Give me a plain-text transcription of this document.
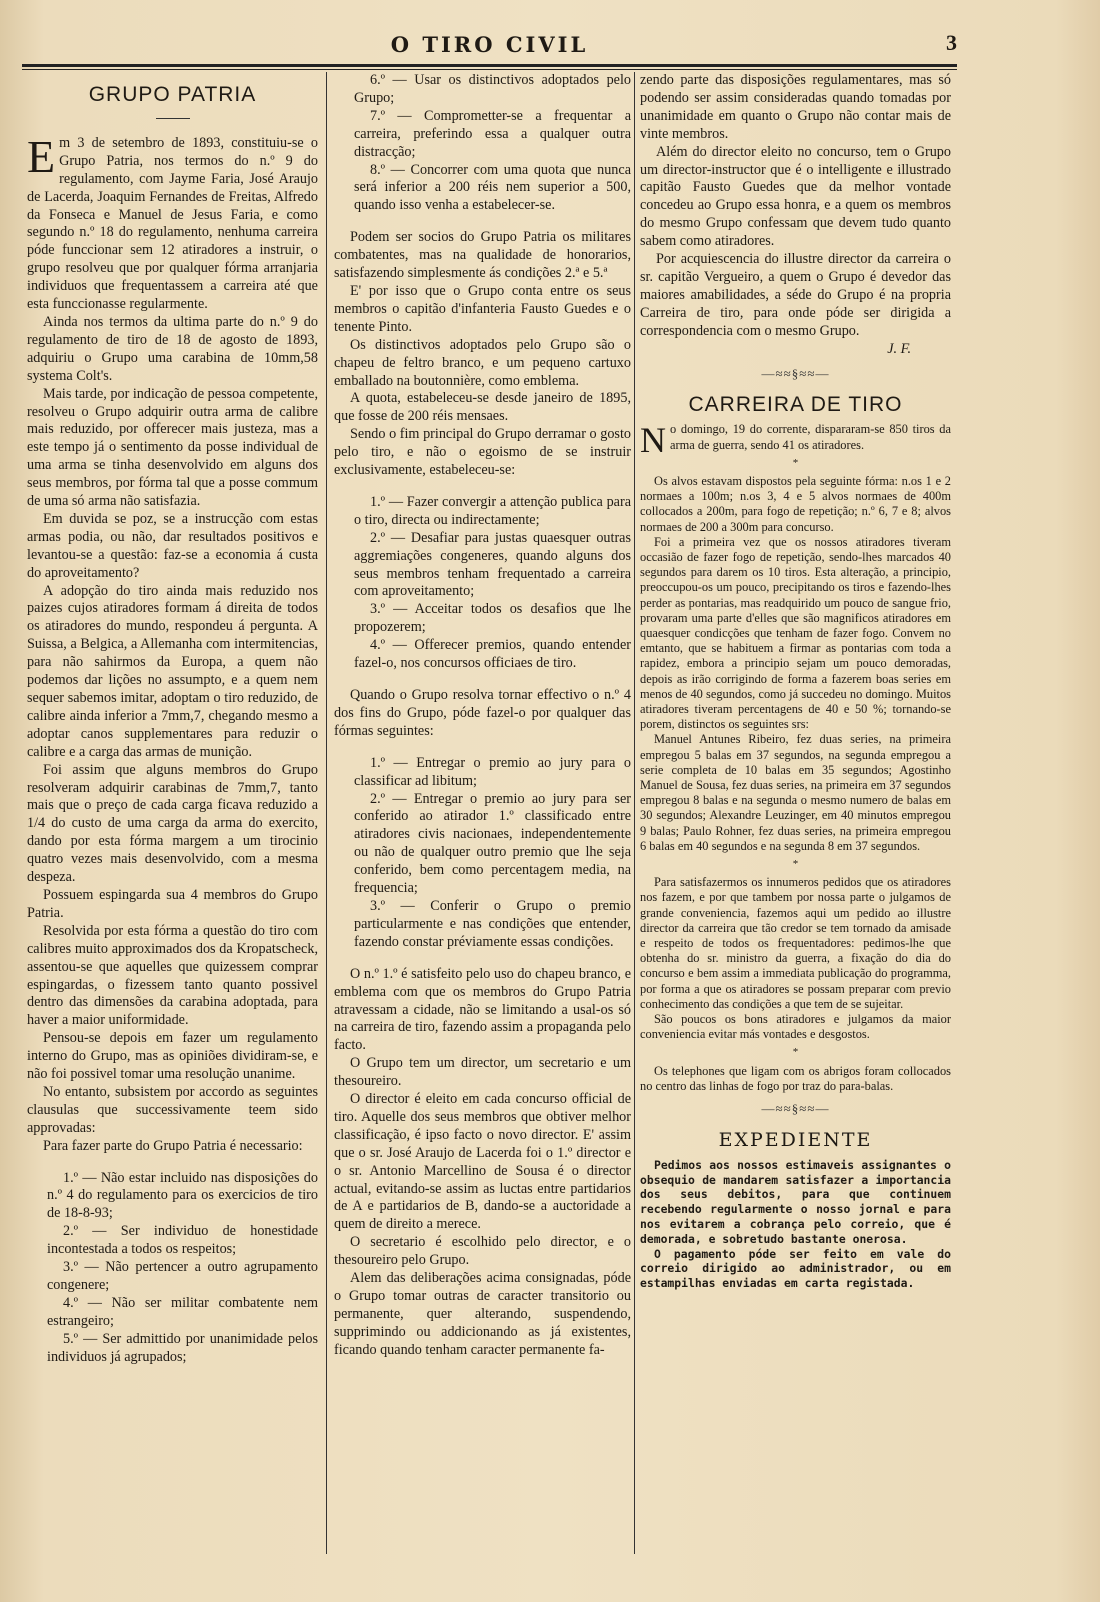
O TIRO CIVIL	3
GRUPO PATRIA

Em 3 de setembro de 1893, constituiu-se o Grupo Patria, nos termos do n.º 9 do regulamento, com Jayme Faria, José Araujo de Lacerda, Joaquim Fernandes de Freitas, Alfredo da Fonseca e Manuel de Jesus Faria, e como segundo n.º 18 do regulamento, nenhuma carreira póde funccionar sem 12 atiradores a instruir, o grupo resolveu que por qualquer fórma arranjaria individuos que frequentassem a carreira até que esta funccionasse regularmente.

Ainda nos termos da ultima parte do n.º 9 do regulamento de tiro de 18 de agosto de 1893, adquiriu o Grupo uma carabina de 10mm,58 systema Colt's.

Mais tarde, por indicação de pessoa competente, resolveu o Grupo adquirir outra arma de calibre mais reduzido, por offerecer mais justeza, mas a este tempo já o sentimento da posse individual de uma arma se tinha desenvolvido em alguns dos seus membros, por fórma tal que a posse commum de uma só arma não satisfazia.

Em duvida se poz, se a instrucção com estas armas podia, ou não, dar resultados positivos e levantou-se a questão: faz-se a economia á custa do aproveitamento?

A adopção do tiro ainda mais reduzido nos paizes cujos atiradores formam á direita de todos os atiradores do mundo, respondeu á pergunta. A Suissa, a Belgica, a Allemanha com intermitencias, para não sahirmos da Europa, a quem não podemos dar lições no assumpto, e a quem nem sequer sabemos imitar, adoptam o tiro reduzido, de calibre ainda inferior a 7mm,7, chegando mesmo a adoptar canos supplementares para reduzir o calibre e a carga das armas de munição.

Foi assim que alguns membros do Grupo resolveram adquirir carabinas de 7mm,7, tanto mais que o preço de cada carga ficava reduzido a 1/4 do custo de uma carga da arma do exercito, dando por esta fórma margem a um tirocinio quatro vezes mais desenvolvido, com a mesma despeza.

Possuem espingarda sua 4 membros do Grupo Patria.

Resolvida por esta fórma a questão do tiro com calibres muito approximados dos da Kropatscheck, assentou-se que aquelles que quizessem comprar espingardas, o fizessem tanto quanto possivel dentro das dimensões da carabina adoptada, para haver a maior uniformidade.

Pensou-se depois em fazer um regulamento interno do Grupo, mas as opiniões dividiram-se, e não foi possivel tomar uma resolução unanime.

No entanto, subsistem por accordo as seguintes clausulas que successivamente teem sido approvadas:

Para fazer parte do Grupo Patria é necessario:

1.º — Não estar incluido nas disposições do n.º 4 do regulamento para os exercicios de tiro de 18-8-93;

2.º — Ser individuo de honestidade incontestada a todos os respeitos;

3.º — Não pertencer a outro agrupamento congenere;

4.º — Não ser militar combatente nem estrangeiro;

5.º — Ser admittido por unanimidade pelos individuos já agrupados;

6.º — Usar os distinctivos adoptados pelo Grupo;

7.º — Comprometter-se a frequentar a carreira, preferindo essa a qualquer outra distracção;

8.º — Concorrer com uma quota que nunca será inferior a 200 réis nem superior a 500, quando isso venha a estabelecer-se.

Podem ser socios do Grupo Patria os militares combatentes, mas na qualidade de honorarios, satisfazendo simplesmente ás condições 2.ª e 5.ª

E' por isso que o Grupo conta entre os seus membros o capitão d'infanteria Fausto Guedes e o tenente Pinto.

Os distinctivos adoptados pelo Grupo são o chapeu de feltro branco, e um pequeno cartuxo emballado na boutonnière, como emblema.

A quota, estabeleceu-se desde janeiro de 1895, que fosse de 200 réis mensaes.

Sendo o fim principal do Grupo derramar o gosto pelo tiro, e não o egoismo de se instruir exclusivamente, estabeleceu-se:

1.º — Fazer convergir a attenção publica para o tiro, directa ou indirectamente;

2.º — Desafiar para justas quaesquer outras aggremiações congeneres, quando alguns dos seus membros tenham frequentado a carreira com aproveitamento;

3.º — Acceitar todos os desafios que lhe propozerem;

4.º — Offerecer premios, quando entender fazel-o, nos concursos officiaes de tiro.

Quando o Grupo resolva tornar effectivo o n.º 4 dos fins do Grupo, póde fazel-o por qualquer das fórmas seguintes:

1.º — Entregar o premio ao jury para o classificar ad libitum;

2.º — Entregar o premio ao jury para ser conferido ao atirador 1.º classificado entre atiradores civis nacionaes, independentemente ou não de qualquer outro premio que lhe seja conferido, bem como percentagem media, na frequencia;

3.º — Conferir o Grupo o premio particularmente e nas condições que entender, fazendo constar préviamente essas condições.

O n.º 1.º é satisfeito pelo uso do chapeu branco, e emblema com que os membros do Grupo Patria atravessam a cidade, não se limitando a usal-os só na carreira de tiro, fazendo assim a propaganda pelo facto.

O Grupo tem um director, um secretario e um thesoureiro.

O director é eleito em cada concurso official de tiro. Aquelle dos seus membros que obtiver melhor classificação, é ipso facto o novo director. E' assim que o sr. José Araujo de Lacerda foi o 1.º director e o sr. Antonio Marcellino de Sousa é o director actual, evitando-se assim as luctas entre partidarios de A e partidarios de B, dando-se a auctoridade a quem de direito a merece.

O secretario é escolhido pelo director, e o thesoureiro pelo Grupo.

Alem das deliberações acima consignadas, póde o Grupo tomar outras de caracter transitorio ou permanente, quer alterando, suspendendo, supprimindo ou addicionando as já existentes, ficando quando tenham caracter permanente fa-

zendo parte das disposições regulamentares, mas só podendo ser assim consideradas quando tomadas por unanimidade em quanto o Grupo não contar mais de vinte membros.

Além do director eleito no concurso, tem o Grupo um director-instructor que é o intelligente e illustrado capitão Fausto Guedes que da melhor vontade concedeu ao Grupo essa honra, e a quem os membros do mesmo Grupo confessam que devem tudo quanto sabem como atiradores.

Por acquiescencia do illustre director da carreira o sr. capitão Vergueiro, a quem o Grupo é devedor das maiores amabilidades, a séde do Grupo é na propria Carreira de tiro, para onde póde ser dirigida a correspondencia com o mesmo Grupo.

J. F.

—≈≈§≈≈—
CARREIRA DE TIRO

No domingo, 19 do corrente, dispararam-se 850 tiros da arma de guerra, sendo 41 os atiradores.

*

Os alvos estavam dispostos pela seguinte fórma: n.os 1 e 2 normaes a 100m; n.os 3, 4 e 5 alvos normaes de 400m collocados a 200m, para fogo de repetição; n.º 6, 7 e 8; alvos normaes de 200 a 300m para concurso.

Foi a primeira vez que os nossos atiradores tiveram occasião de fazer fogo de repetição, sendo-lhes marcados 40 segundos para darem os 10 tiros. Esta alteração, a principio, preoccupou-os um pouco, precipitando os tiros e fazendo-lhes perder as pontarias, mas readquirido um pouco de sangue frio, provaram uma parte d'elles que são magnificos atiradores em quaesquer condicções que tenham de fazer fogo. Convem no emtanto, que se habituem a firmar as pontarias com toda a rapidez, embora a principio sejam um pouco demoradas, depois as irão corrigindo de forma a fazerem boas series em menos de 40 segundos, como já succedeu no domingo. Muitos atiradores tiveram percentagens de 40 e 50 %; tornando-se porem, distinctos os seguintes srs:

Manuel Antunes Ribeiro, fez duas series, na primeira empregou 5 balas em 37 segundos, na segunda empregou a serie completa de 10 balas em 35 segundos; Agostinho Manuel de Sousa, fez duas series, na primeira em 37 segundos empregou 8 balas e na segunda o mesmo numero de balas em 30 segundos; Alexandre Leuzinger, em 40 minutos empregou 9 balas; Paulo Rohner, fez duas series, na primeira empregou 6 balas em 40 segundos e na segunda 8 em 37 segundos.

*

Para satisfazermos os innumeros pedidos que os atiradores nos fazem, e por que tambem por nossa parte o julgamos de grande conveniencia, fazemos aqui um pedido ao illustre director da carreira que tão credor se tem tornado da amisade e respeito de todos os frequentadores: pedimos-lhe que obtenha do sr. ministro da guerra, a fixação do dia do concurso e bem assim a immediata publicação do programma, por forma a que os atiradores se possam preparar com previo conhecimento das condições a que tem de se sujeitar.

São poucos os bons atiradores e julgamos da maior conveniencia evitar más vontades e desgostos.

*

Os telephones que ligam com os abrigos foram collocados no centro das linhas de fogo por traz do para-balas.

—≈≈§≈≈—
EXPEDIENTE

Pedimos aos nossos estimaveis assignantes o obsequio de mandarem satisfazer a importancia dos seus debitos, para que continuem recebendo regularmente o nosso jornal e para nos evitarem a cobrança pelo correio, que é demorada, e sobretudo bastante onerosa.

O pagamento póde ser feito em vale do correio dirigido ao administrador, ou em estampilhas enviadas em carta registada.
